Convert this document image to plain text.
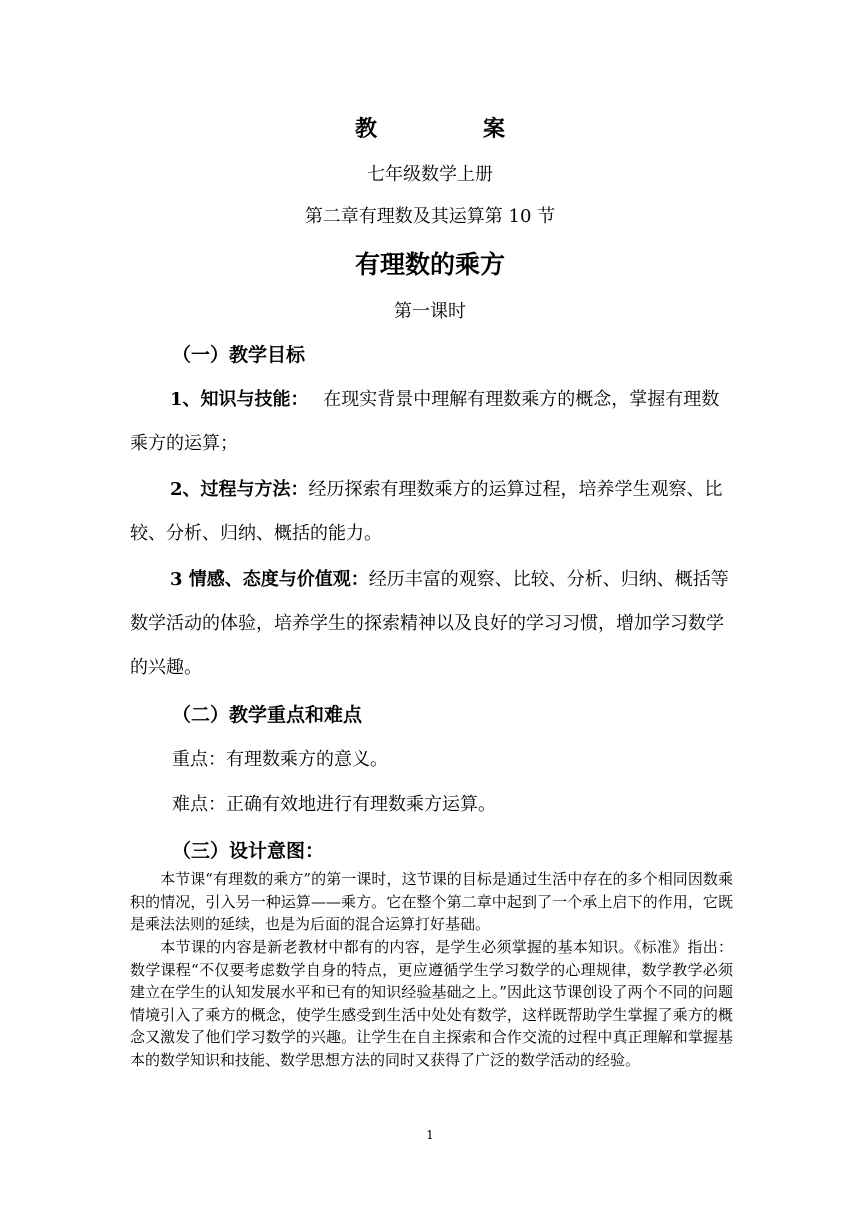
教	案
七年级数学上册
第二章有理数及其运算第 10 节
有理数的乘方
第一课时
（一）教学目标
1、知识与技能：　 在现实背景中理解有理数乘方的概念，掌握有理数乘方的运算；
2、过程与方法：经历探索有理数乘方的运算过程，培养学生观察、比较、分析、归纳、概括的能力。
3 情感、态度与价值观：经历丰富的观察、比较、分析、归纳、概括等数学活动的体验，培养学生的探索精神以及良好的学习习惯，增加学习数学的兴趣。
（二）教学重点和难点
重点：有理数乘方的意义。
难点：正确有效地进行有理数乘方运算。
（三）设计意图：
本节课“有理数的乘方”的第一课时，这节课的目标是通过生活中存在的多个相同因数乘积的情况，引入另一种运算——乘方。它在整个第二章中起到了一个承上启下的作用，它既是乘法法则的延续，也是为后面的混合运算打好基础。
本节课的内容是新老教材中都有的内容，是学生必须掌握的基本知识。《标准》指出：数学课程“不仅要考虑数学自身的特点，更应遵循学生学习数学的心理规律，数学教学必须建立在学生的认知发展水平和已有的知识经验基础之上。”因此这节课创设了两个不同的问题情境引入了乘方的概念，使学生感受到生活中处处有数学，这样既帮助学生掌握了乘方的概念又激发了他们学习数学的兴趣。让学生在自主探索和合作交流的过程中真正理解和掌握基本的数学知识和技能、数学思想方法的同时又获得了广泛的数学活动的经验。
1
